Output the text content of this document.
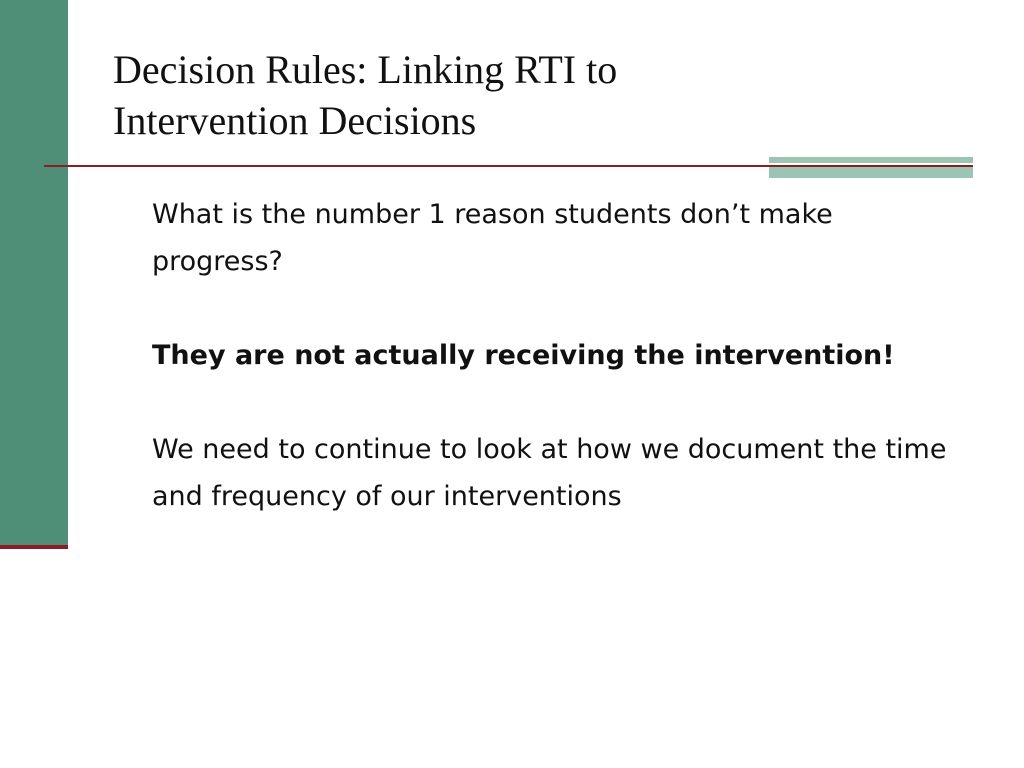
Decision Rules: Linking RTI to
Intervention Decisions

What is the number 1 reason students don’t make progress?

They are not actually receiving the intervention!

We need to continue to look at how we document the time and frequency of our interventions
